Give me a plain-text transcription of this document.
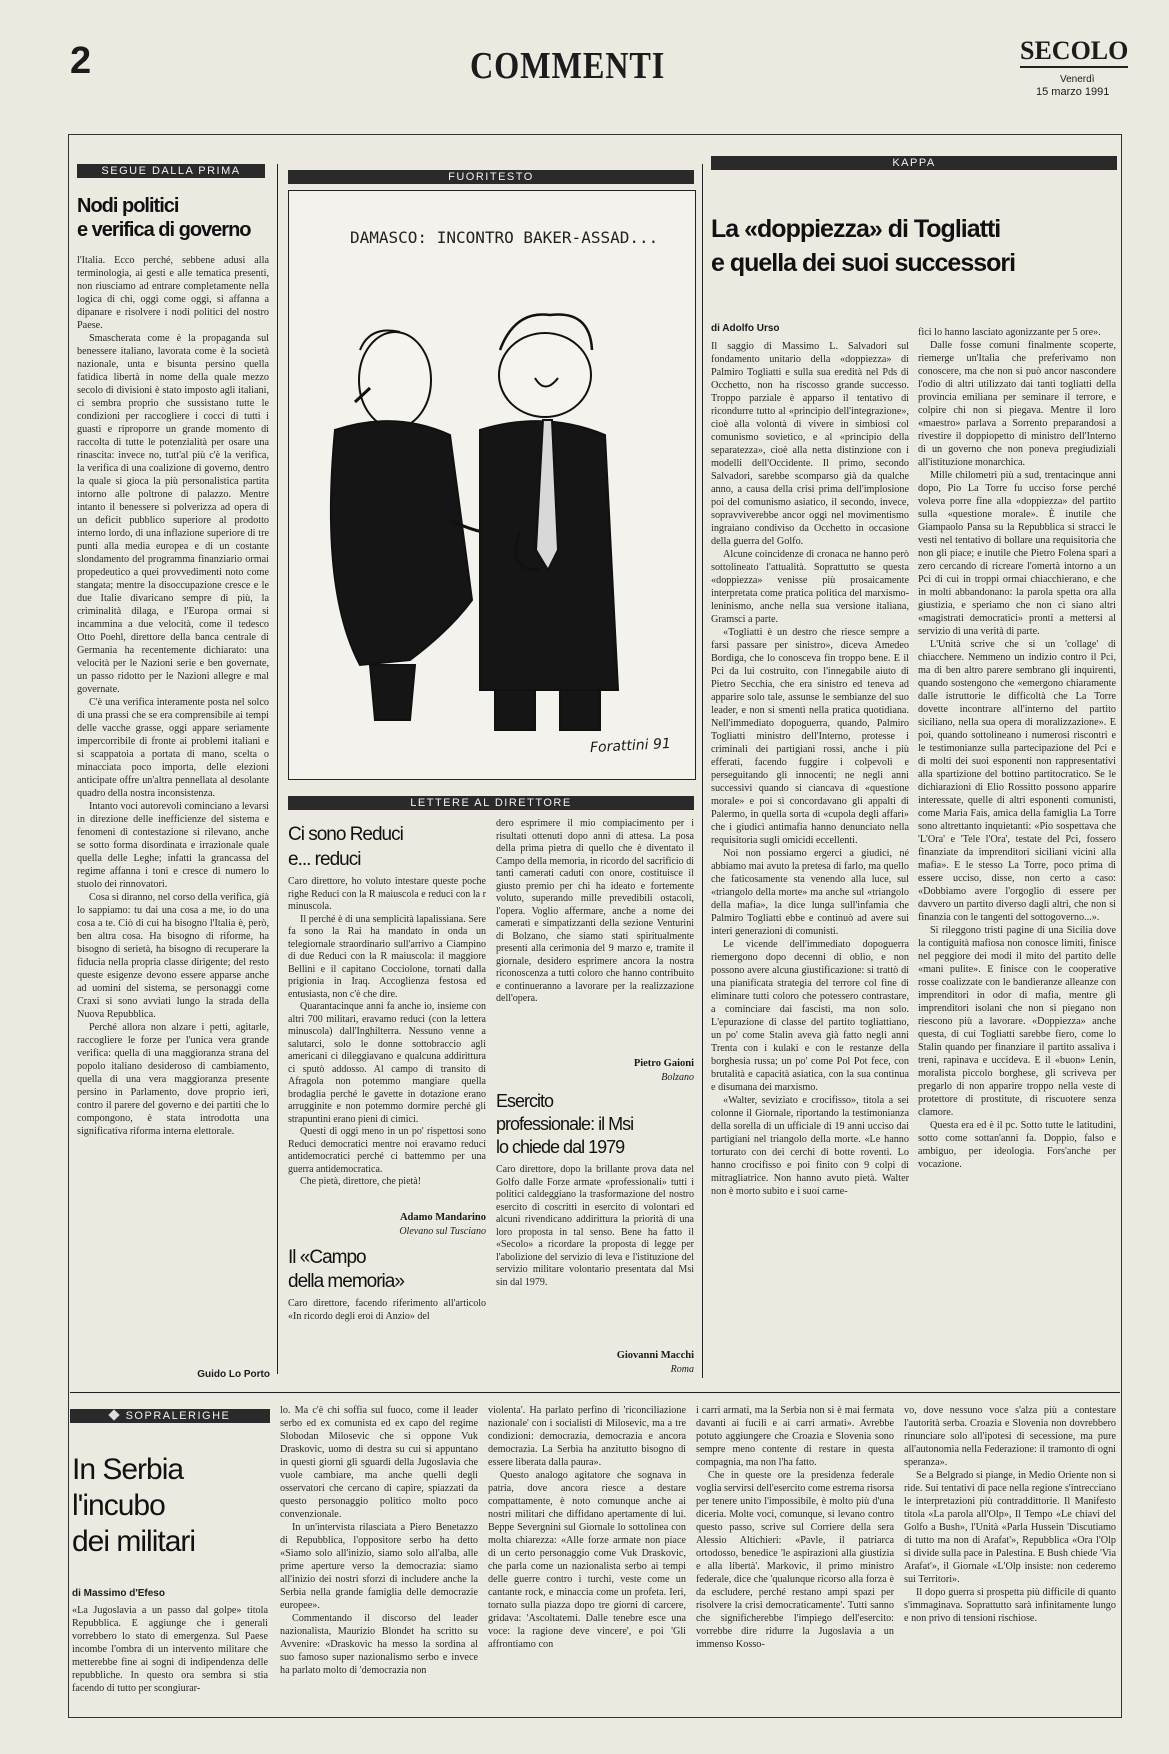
2	COMMENTI	SECOLO
Venerdì
15 marzo 1991
SEGUE DALLA PRIMA
Nodi politici
e verifica di governo

l'Italia. Ecco perché, sebbene adusi alla terminologia, ai gesti e alle tematica presenti, non riusciamo ad entrare completamente nella logica di chi, oggi come oggi, si affanna a dipanare e risolvere i nodi politici del nostro Paese.

Smascherata come è la propaganda sul benessere italiano, lavorata come è la società nazionale, unta e bisunta persino quella fatidica libertà in nome della quale mezzo secolo di divisioni è stato imposto agli italiani, ci sembra proprio che sussistano tutte le condizioni per raccogliere i cocci di tutti i guasti e riproporre un grande momento di raccolta di tutte le potenzialità per osare una rinascita: invece no, tutt'al più c'è la verifica, la verifica di una coalizione di governo, dentro la quale si gioca la più personalistica partita intorno alle poltrone di palazzo. Mentre intanto il benessere si polverizza ad opera di un deficit pubblico superiore al prodotto interno lordo, di una inflazione superiore di tre punti alla media europea e di un costante slondamento del programma finanziario ormai propedeutico a quei provvedimenti noto come stangata; mentre la disoccupazione cresce e le due Italie divaricano sempre di più, la criminalità dilaga, e l'Europa ormai si incammina a due velocità, come il tedesco Otto Poehl, direttore della banca centrale di Germania ha recentemente dichiarato: una velocità per le Nazioni serie e ben governate, un passo ridotto per le Nazioni allegre e mal governate.

C'è una verifica interamente posta nel solco di una prassi che se era comprensibile ai tempi delle vacche grasse, oggi appare seriamente impercorribile di fronte ai problemi italiani e si scappatoia a portata di mano, scelta o minacciata poco importa, delle elezioni anticipate offre un'altra pennellata al desolante quadro della nostra inconsistenza.

Intanto voci autorevoli cominciano a levarsi in direzione delle inefficienze del sistema e fenomeni di contestazione si rilevano, anche se sotto forma disordinata e irrazionale quale quella delle Leghe; infatti la grancassa del regime affanna i toni e cresce di numero lo stuolo dei rinnovatori.

Cosa si diranno, nel corso della verifica, già lo sappiamo: tu dai una cosa a me, io do una cosa a te. Ciò di cui ha bisogno l'Italia è, però, ben altra cosa. Ha bisogno di riforme, ha bisogno di serietà, ha bisogno di recuperare la fiducia nella propria classe dirigente; del resto queste esigenze devono essere apparse anche ad uomini del sistema, se personaggi come Craxi si sono avviati lungo la strada della Nuova Repubblica.

Perché allora non alzare i petti, agitarle, raccogliere le forze per l'unica vera grande verifica: quella di una maggioranza strana del popolo italiano desideroso di cambiamento, quella di una vera maggioranza presente persino in Parlamento, dove proprio ieri, contro il parere del governo e dei partiti che lo compongono, è stata introdotta una significativa riforma interna elettorale.

Guido Lo Porto
FUORITESTO
DAMASCO: INCONTRO BAKER-ASSAD...
Forattini 91
LETTERE AL DIRETTORE
Ci sono Reduci
e... reduci

Caro direttore, ho voluto intestare queste poche righe Reduci con la R maiuscola e reduci con la r minuscola.

Il perché è di una semplicità lapalissiana. Sere fa sono la Rai ha mandato in onda un telegiornale straordinario sull'arrivo a Ciampino di due Reduci con la R maiuscola: il maggiore Bellini e il capitano Cocciolone, tornati dalla prigionia in Iraq. Accoglienza festosa ed entusiasta, non c'è che dire.

Quarantacinque anni fa anche io, insieme con altri 700 militari, eravamo reduci (con la lettera minuscola) dall'Inghilterra. Nessuno venne a salutarci, solo le donne sottobraccio agli americani ci dileggiavano e qualcuna addirittura ci sputò addosso. Al campo di transito di Afragola non potemmo mangiare quella brodaglia perché le gavette in dotazione erano arrugginite e non potemmo dormire perché gli strapuntini erano pieni di cimici.

Questi di oggi meno in un po' rispettosi sono Reduci democratici mentre noi eravamo reduci antidemocratici perché ci battemmo per una guerra antidemocratica.

Che pietà, direttore, che pietà!

Adamo Mandarino
Olevano sul Tusciano
Il «Campo
della memoria»

Caro direttore, facendo riferimento all'articolo «In ricordo degli eroi di Anzio» del

dero esprimere il mio compiacimento per i risultati ottenuti dopo anni di attesa. La posa della prima pietra di quello che è diventato il Campo della memoria, in ricordo del sacrificio di tanti camerati caduti con onore, costituisce il giusto premio per chi ha ideato e fortemente voluto, superando mille prevedibili ostacoli, l'opera. Voglio affermare, anche a nome dei camerati e simpatizzanti della sezione Venturini di Bolzano, che siamo stati spiritualmente presenti alla cerimonia del 9 marzo e, tramite il giornale, desidero esprimere ancora la nostra riconoscenza a tutti coloro che hanno contribuito e continueranno a lavorare per la realizzazione dell'opera.

Pietro Gaioni
Bolzano
Esercito
professionale: il Msi
lo chiede dal 1979

Caro direttore, dopo la brillante prova data nel Golfo dalle Forze armate «professionali» tutti i politici caldeggiano la trasformazione del nostro esercito di coscritti in esercito di volontari ed alcuni rivendicano addirittura la priorità di una loro proposta in tal senso. Bene ha fatto il «Secolo» a ricordare la proposta di legge per l'abolizione del servizio di leva e l'istituzione del servizio militare volontario presentata dal Msi sin dal 1979.

Giovanni Macchi
Roma
KAPPA
La «doppiezza» di Togliatti
e quella dei suoi successori
di Adolfo Urso

Il saggio di Massimo L. Salvadori sul fondamento unitario della «doppiezza» di Palmiro Togliatti e sulla sua eredità nel Pds di Occhetto, non ha riscosso grande successo. Troppo parziale è apparso il tentativo di ricondurre tutto al «principio dell'integrazione», cioè alla volontà di vivere in simbiosi col comunismo sovietico, e al «principio della separatezza», cioè alla netta distinzione con i modelli dell'Occidente. Il primo, secondo Salvadori, sarebbe scomparso già da qualche anno, a causa della crisi prima dell'implosione poi del comunismo asiatico, il secondo, invece, sopravviverebbe ancor oggi nel movimentismo ingraiano condiviso da Occhetto in occasione della guerra del Golfo.

Alcune coincidenze di cronaca ne hanno però sottolineato l'attualità. Soprattutto se questa «doppiezza» venisse più prosaicamente interpretata come pratica politica del marxismo-leninismo, anche nella sua versione italiana, Gramsci a parte.

«Togliatti è un destro che riesce sempre a farsi passare per sinistro», diceva Amedeo Bordiga, che lo conosceva fin troppo bene. E il Pci da lui costruito, con l'innegabile aiuto di Pietro Secchia, che era sinistro ed teneva ad apparire solo tale, assunse le sembianze del suo leader, e non si smentì nella pratica quotidiana. Nell'immediato dopoguerra, quando, Palmiro Togliatti ministro dell'Interno, protesse i criminali dei partigiani rossi, anche i più efferati, facendo fuggire i colpevoli e perseguitando gli innocenti; ne negli anni successivi quando si ciancava di «questione morale» e poi si concordavano gli appalti di Palermo, in quella sorta di «cupola degli affari» che i giudici antimafia hanno denunciato nella requisitoria sugli omicidi eccellenti.

Noi non possiamo ergerci a giudici, né abbiamo mai avuto la pretesa di farlo, ma quello che faticosamente sta venendo alla luce, sul «triangolo della morte» ma anche sul «triangolo della mafia», la dice lunga sull'infamia che Palmiro Togliatti ebbe e continuò ad avere sui interi generazioni di comunisti.

Le vicende dell'immediato dopoguerra riemergono dopo decenni di oblìo, e non possono avere alcuna giustificazione: si trattò di una pianificata strategia del terrore col fine di eliminare tutti coloro che potessero contrastare, a cominciare dai fascisti, ma non solo. L'epurazione di classe del partito togliattiano, un po' come Stalin aveva già fatto negli anni Trenta con i kulaki e con le restanze della borghesia russa; un po' come Pol Pot fece, con brutalità e capacità asiatica, con la sua continua e disumana dei marxismo.

«Walter, seviziato e crocifisso», titola a sei colonne il Giornale, riportando la testimonianza della sorella di un ufficiale di 19 anni ucciso dai partigiani nel triangolo della morte. «Le hanno torturato con dei cerchi di botte roventi. Lo hanno crocifisso e poi finito con 9 colpi di mitragliatrice. Non hanno avuto pietà. Walter non è morto subito e i suoi carne-

fici lo hanno lasciato agonizzante per 5 ore».

Dalle fosse comuni finalmente scoperte, riemerge un'Italia che preferivamo non conoscere, ma che non si può ancor nascondere l'odio di altri utilizzato dai tanti togliatti della provincia emiliana per seminare il terrore, e colpire chi non si piegava. Mentre il loro «maestro» parlava a Sorrento preparandosi a rivestire il doppiopetto di ministro dell'Interno di un governo che non poneva pregiudiziali all'istituzione monarchica.

Mille chilometri più a sud, trentacinque anni dopo, Pio La Torre fu ucciso forse perché voleva porre fine alla «doppiezza» del partito sulla «questione morale». È inutile che Giampaolo Pansa su la Repubblica si stracci le vesti nel tentativo di bollare una requisitoria che non gli piace; e inutile che Pietro Folena spari a zero cercando di ricreare l'omertà intorno a un Pci di cui in troppi ormai chiacchierano, e che in molti abbandonano: la parola spetta ora alla giustizia, e speriamo che non ci siano altri «magistrati democratici» pronti a mettersi al servizio di una verità di parte.

L'Unità scrive che si un 'collage' di chiacchere. Nemmeno un indizio contro il Pci, ma di ben altro parere sembrano gli inquirenti, quando sostengono che «emergono chiaramente dalle istruttorie le difficoltà che La Torre dovette incontrare all'interno del partito siciliano, nella sua opera di moralizzazione». E poi, quando sottolineano i numerosi riscontri e le testimonianze sulla partecipazione del Pci e di molti dei suoi esponenti non rappresentativi alla spartizione del bottino partitocratico. Se le dichiarazioni di Elio Rossitto possono apparire interessate, quelle di altri esponenti comunisti, come Maria Fais, amica della famiglia La Torre sono altrettanto inquietanti: «Pio sospettava che 'L'Ora' e 'Tele l'Ora', testate del Pci, fossero finanziate da imprenditori siciliani vicini alla mafia». E le stesso La Torre, poco prima di essere ucciso, disse, non certo a caso: «Dobbiamo avere l'orgoglio di essere per davvero un partito diverso dagli altri, che non si finanzia con le tangenti del sottogoverno...».

Si rileggono tristi pagine di una Sicilia dove la contiguità mafiosa non conosce limiti, finisce nel peggiore dei modi il mito del partito delle «mani pulite». E finisce con le cooperative rosse coalizzate con le bandieranze alleanze con imprenditori in odor di mafia, mentre gli imprenditori isolani che non si piegano non riescono più a lavorare. «Doppiezza» anche questa, di cui Togliatti sarebbe fiero, come lo Stalin quando per finanziare il partito assaliva i treni, rapinava e uccideva. E il «buon» Lenin, moralista piccolo borghese, gli scriveva per pregarlo di non apparire troppo nella veste di protettore di prostitute, di riscuotere senza clamore.

Questa era ed è il pc. Sotto tutte le latitudini, sotto come sottan'anni fa. Doppio, falso e ambiguo, per ideologia. Fors'anche per vocazione.

SOPRALERIGHE
In Serbia
l'incubo
dei militari
di Massimo d'Efeso

«La Jugoslavia a un passo dal golpe» titola Repubblica. E aggiunge che i generali vorrebbero lo stato di emergenza. Sul Paese incombe l'ombra di un intervento militare che metterebbe fine ai sogni di indipendenza delle repubbliche. In questo ora sembra si stia facendo di tutto per scongiurar-

lo. Ma c'è chi soffia sul fuoco, come il leader serbo ed ex comunista ed ex capo del regime Slobodan Milosevic che si oppone Vuk Draskovic, uomo di destra su cui si appuntano in questi giorni gli sguardi della Jugoslavia che vuole cambiare, ma anche quelli degli osservatori che cercano di capire, spiazzati da questo personaggio politico molto poco convenzionale.

In un'intervista rilasciata a Piero Benetazzo di Repubblica, l'oppositore serbo ha detto «Siamo solo all'inizio, siamo solo all'alba, alle prime aperture verso la democrazia: siamo all'inizio dei nostri sforzi di includere anche la Serbia nella grande famiglia delle democrazie europee».

Commentando il discorso del leader nazionalista, Maurizio Blondet ha scritto su Avvenire: «Draskovic ha messo la sordina al suo famoso super nazionalismo serbo e invece ha parlato molto di 'democrazia non

violenta'. Ha parlato perfino di 'riconciliazione nazionale' con i socialisti di Milosevic, ma a tre condizioni: democrazia, democrazia e ancora democrazia. La Serbia ha anzitutto bisogno di essere liberata dalla paura».

Questo analogo agitatore che sognava in patria, dove ancora riesce a destare compattamente, è noto comunque anche ai nostri militari che diffidano apertamente di lui. Beppe Severgnini sul Giornale lo sottolinea con molta chiarezza: «Alle forze armate non piace di un certo personaggio come Vuk Draskovic, che parla come un nazionalista serbo ai tempi delle guerre contro i turchi, veste come un cantante rock, e minaccia come un profeta. Ieri, tornato sulla piazza dopo tre giorni di carcere, gridava: 'Ascoltatemi. Dalle tenebre esce una voce: la ragione deve vincere', e poi 'Gli affrontiamo con

i carri armati, ma la Serbia non si è mai fermata davanti ai fucili e ai carri armati». Avrebbe potuto aggiungere che Croazia e Slovenia sono sempre meno contente di restare in questa compagnia, ma non l'ha fatto.

Che in queste ore la presidenza federale voglia servirsi dell'esercito come estrema risorsa per tenere unito l'impossibile, è molto più d'una diceria. Molte voci, comunque, si levano contro questo passo, scrive sul Corriere della sera Alessio Altichieri: «Pavle, il patriarca ortodosso, benedice 'le aspirazioni alla giustizia e alla libertà'. Markovic, il primo ministro federale, dice che 'qualunque ricorso alla forza è da escludere, perché restano ampi spazi per risolvere la crisi democraticamente'. Tutti sanno che significherebbe l'impiego dell'esercito: vorrebbe dire ridurre la Jugoslavia a un immenso Kosso-

vo, dove nessuno voce s'alza più a contestare l'autorità serba. Croazia e Slovenia non dovrebbero rinunciare solo all'ipotesi di secessione, ma pure all'autonomia nella Federazione: il tramonto di ogni speranza».

Se a Belgrado si piange, in Medio Oriente non si ride. Sui tentativi di pace nella regione s'intrecciano le interpretazioni più contraddittorie. Il Manifesto titola «La parola all'Olp», Il Tempo «Le chiavi del Golfo a Bush», l'Unità «Parla Hussein 'Discutiamo di tutto ma non di Arafat'», Repubblica «Ora l'Olp si divide sulla pace in Palestina. E Bush chiede 'Via Arafat'», il Giornale «L'Olp insiste: non cederemo sui Territori».

Il dopo guerra si prospetta più difficile di quanto s'immaginava. Soprattutto sarà infinitamente lungo e non privo di tensioni rischiose.
